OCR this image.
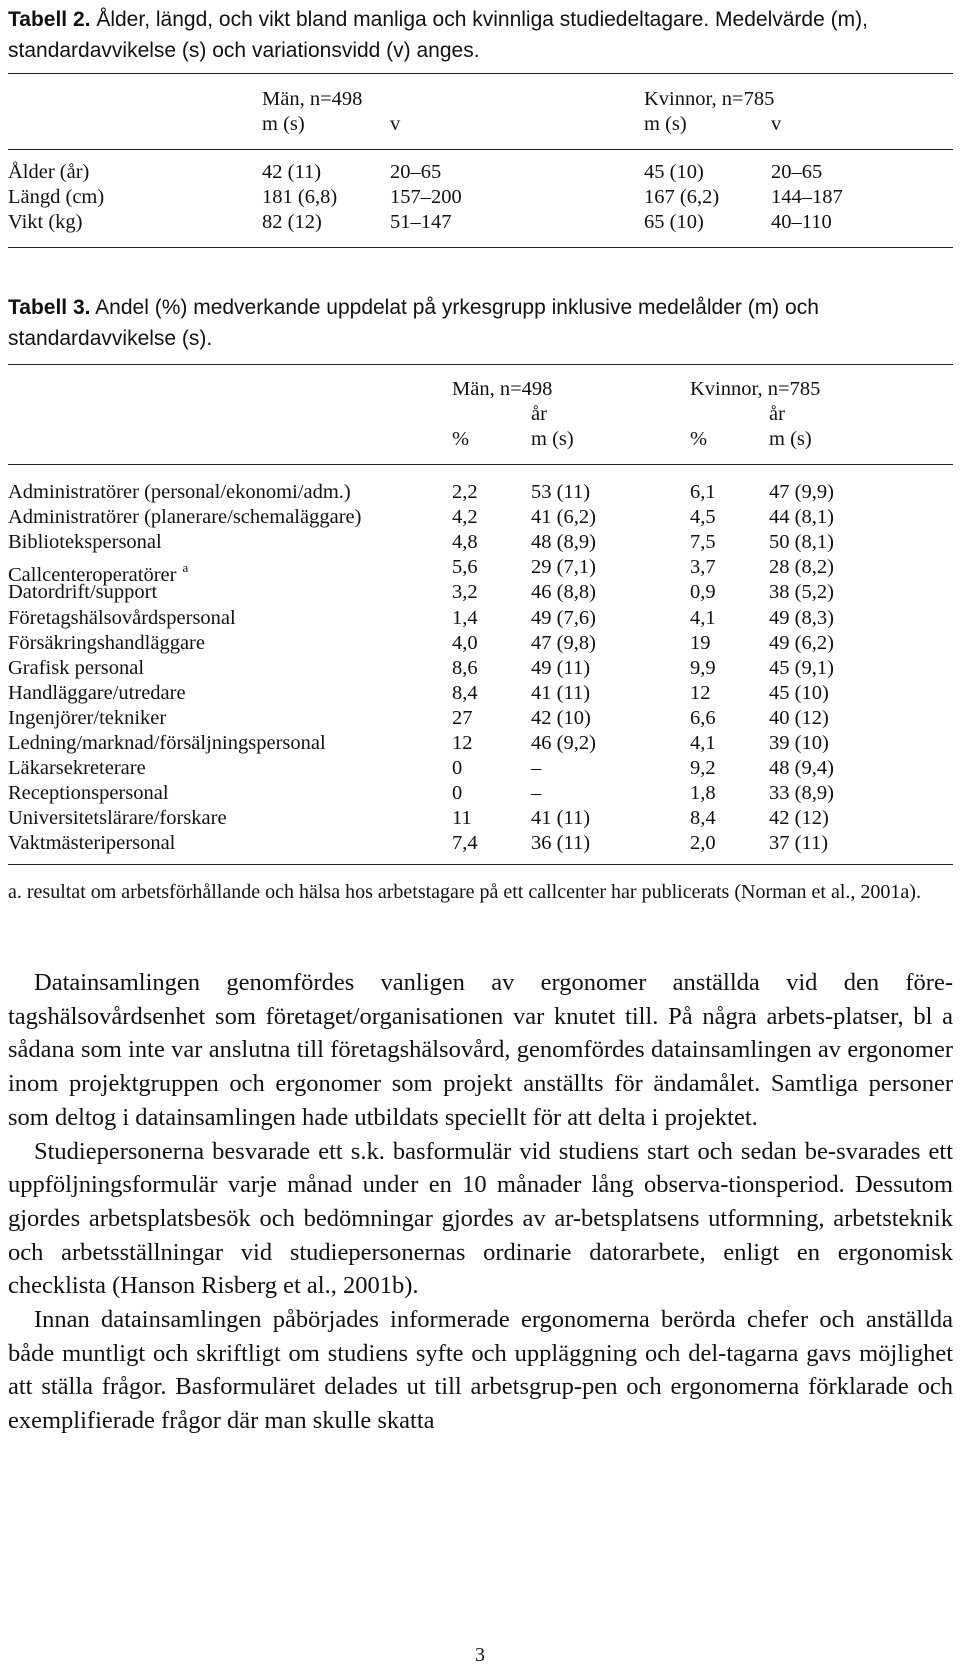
Tabell 2. Ålder, längd, och vikt bland manliga och kvinnliga studiedeltagare. Medelvärde (m), standardavvikelse (s) och variationsvidd (v) anges.
Män, n=498	Kvinnor, n=785
m (s)	v	m (s)	v
Ålder (år)	42 (11)	20–65	45 (10)	20–65
Längd (cm)	181 (6,8)	157–200	167 (6,2)	144–187
Vikt (kg)	82 (12)	51–147	65 (10)	40–110
Tabell 3. Andel (%) medverkande uppdelat på yrkesgrupp inklusive medelålder (m) och standardavvikelse (s).
Män, n=498	Kvinnor, n=785
år	år
%	m (s)	%	m (s)
Administratörer (personal/ekonomi/adm.)	2,2	53 (11)	6,1	47 (9,9)
Administratörer (planerare/schemaläggare)	4,2	41 (6,2)	4,5	44 (8,1)
Bibliotekspersonal	4,8	48 (8,9)	7,5	50 (8,1)
Callcenteroperatörer $^a$	5,6	29 (7,1)	3,7	28 (8,2)
Datordrift/support	3,2	46 (8,8)	0,9	38 (5,2)
Företagshälsovårdspersonal	1,4	49 (7,6)	4,1	49 (8,3)
Försäkringshandläggare	4,0	47 (9,8)	19	49 (6,2)
Grafisk personal	8,6	49 (11)	9,9	45 (9,1)
Handläggare/utredare	8,4	41 (11)	12	45 (10)
Ingenjörer/tekniker	27	42 (10)	6,6	40 (12)
Ledning/marknad/försäljningspersonal	12	46 (9,2)	4,1	39 (10)
Läkarsekreterare	0	–	9,2	48 (9,4)
Receptionspersonal	0	–	1,8	33 (8,9)
Universitetslärare/forskare	11	41 (11)	8,4	42 (12)
Vaktmästeripersonal	7,4	36 (11)	2,0	37 (11)
a. resultat om arbetsförhållande och hälsa hos arbetstagare på ett callcenter har publicerats (Norman et al., 2001a).

Datainsamlingen genomfördes vanligen av ergonomer anställda vid den före-tagshälsovårdsenhet som företaget/organisationen var knutet till. På några arbets-platser, bl a sådana som inte var anslutna till företagshälsovård, genomfördes datainsamlingen av ergonomer inom projektgruppen och ergonomer som projekt anställts för ändamålet. Samtliga personer som deltog i datainsamlingen hade utbildats speciellt för att delta i projektet.

Studiepersonerna besvarade ett s.k. basformulär vid studiens start och sedan be-svarades ett uppföljningsformulär varje månad under en 10 månader lång observa-tionsperiod. Dessutom gjordes arbetsplatsbesök och bedömningar gjordes av ar-betsplatsens utformning, arbetsteknik och arbetsställningar vid studiepersonernas ordinarie datorarbete, enligt en ergonomisk checklista (Hanson Risberg et al., 2001b).

Innan datainsamlingen påbörjades informerade ergonomerna berörda chefer och anställda både muntligt och skriftligt om studiens syfte och uppläggning och del-tagarna gavs möjlighet att ställa frågor. Basformuläret delades ut till arbetsgrup-pen och ergonomerna förklarade och exemplifierade frågor där man skulle skatta

3
